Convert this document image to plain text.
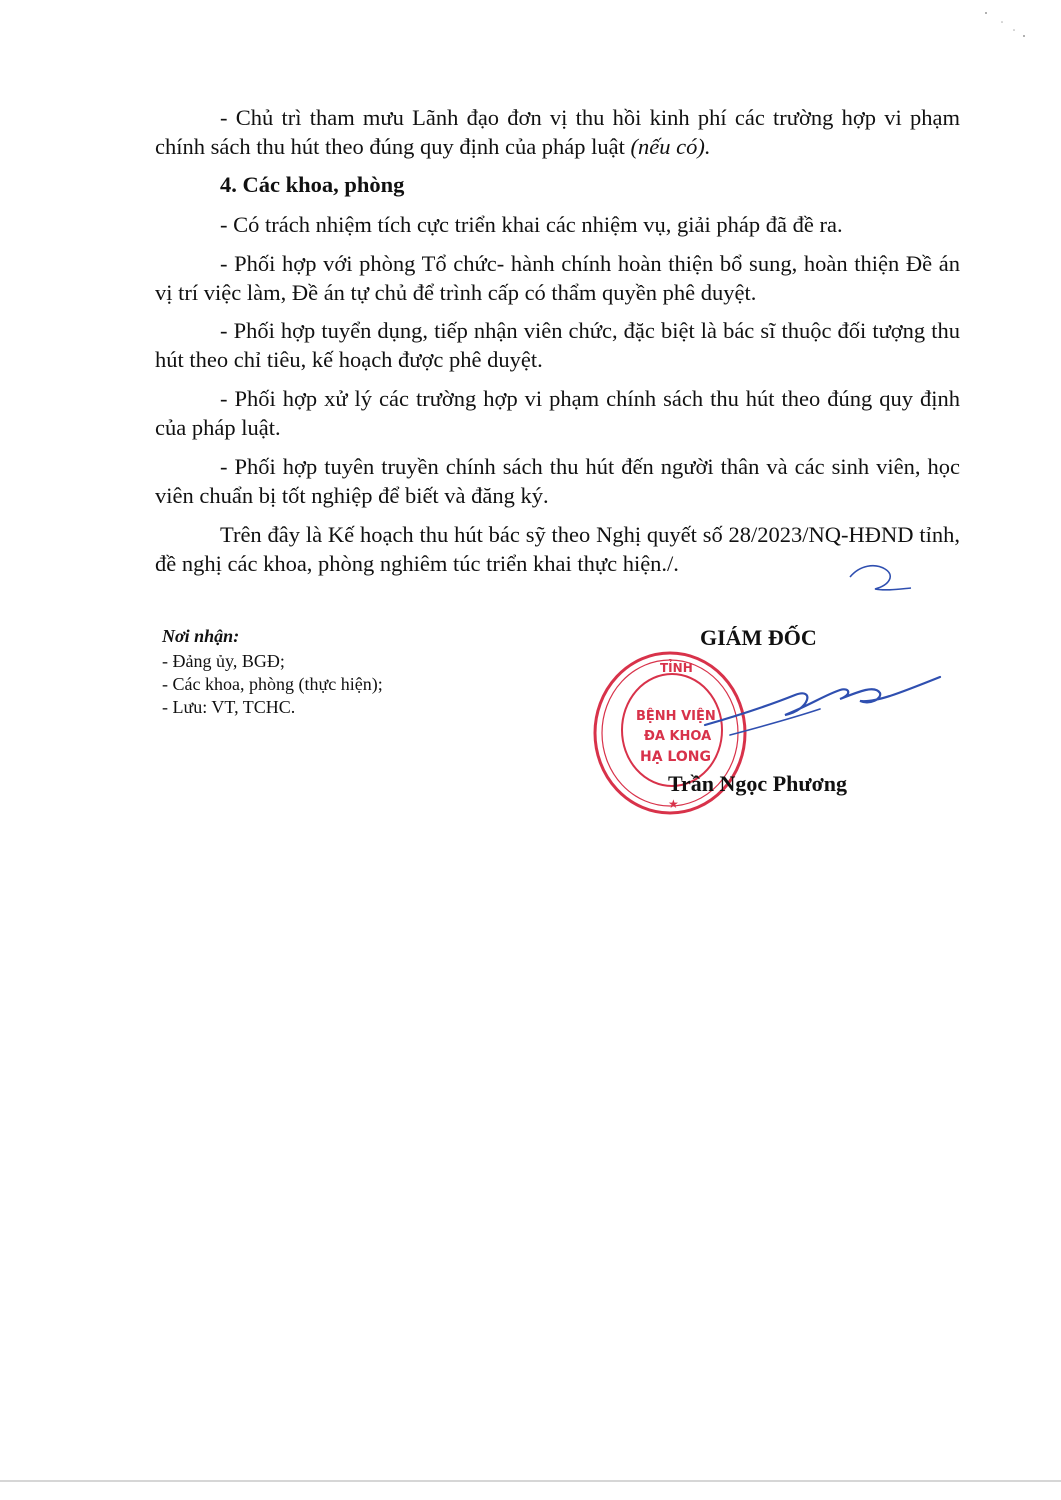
- Chủ trì tham mưu Lãnh đạo đơn vị thu hồi kinh phí các trường hợp vi phạm chính sách thu hút theo đúng quy định của pháp luật (nếu có).
4. Các khoa, phòng
- Có trách nhiệm tích cực triển khai các nhiệm vụ, giải pháp đã đề ra.
- Phối hợp với phòng Tổ chức- hành chính hoàn thiện bổ sung, hoàn thiện Đề án vị trí việc làm, Đề án tự chủ để trình cấp có thẩm quyền phê duyệt.
- Phối hợp tuyển dụng, tiếp nhận viên chức, đặc biệt là bác sĩ thuộc đối tượng thu hút theo chỉ tiêu, kế hoạch được phê duyệt.
- Phối hợp xử lý các trường hợp vi phạm chính sách thu hút theo đúng quy định của pháp luật.
- Phối hợp tuyên truyền chính sách thu hút đến người thân và các sinh viên, học viên chuẩn bị tốt nghiệp để biết và đăng ký.
Trên đây là Kế hoạch thu hút bác sỹ theo Nghị quyết số 28/2023/NQ-HĐND tỉnh, đề nghị các khoa, phòng nghiêm túc triển khai thực hiện./.
Nơi nhận:
- Đảng ủy, BGĐ;
- Các khoa, phòng (thực hiện);
- Lưu: VT, TCHC.
GIÁM ĐỐC
TỈNH
BỆNH VIỆN
ĐA KHOA
HẠ LONG
★
Trần Ngọc Phương
